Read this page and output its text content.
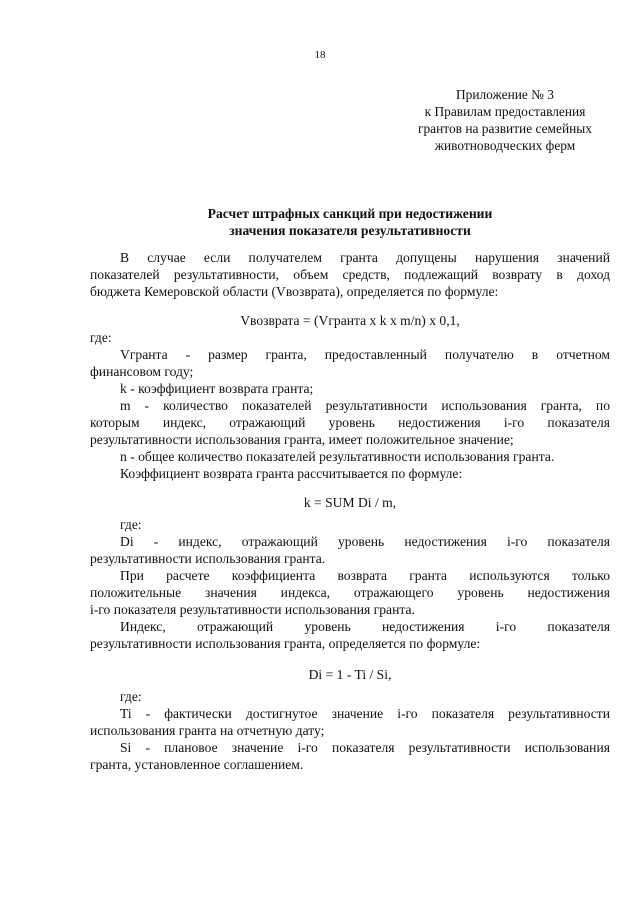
18
Приложение № 3
к Правилам предоставления
грантов на развитие семейных
животноводческих ферм
Расчет штрафных санкций при недостижении
значения показателя результативности

В случае если получателем гранта допущены нарушения значений

показателей результативности, объем средств, подлежащий возврату в доход

бюджета Кемеровской области (Vвозврата), определяется по формуле:

Vвозврата = (Vгранта x k x m/n) x 0,1,

где:

Vгранта - размер гранта, предоставленный получателю в отчетном

финансовом году;

k - коэффициент возврата гранта;

m - количество показателей результативности использования гранта, по

которым индекс, отражающий уровень недостижения i-го показателя

результативности использования гранта, имеет положительное значение;

n - общее количество показателей результативности использования гранта.

Коэффициент возврата гранта рассчитывается по формуле:

k = SUM Di / m,

где:

Di - индекс, отражающий уровень недостижения i-го показателя

результативности использования гранта.

При расчете коэффициента возврата гранта используются только

положительные значения индекса, отражающего уровень недостижения

i-го показателя результативности использования гранта.

Индекс, отражающий уровень недостижения i-го показателя

результативности использования гранта, определяется по формуле:

Di = 1 - Ti / Si,

где:

Ti - фактически достигнутое значение i-го показателя результативности

использования гранта на отчетную дату;

Si - плановое значение i-го показателя результативности использования

гранта, установленное соглашением.
